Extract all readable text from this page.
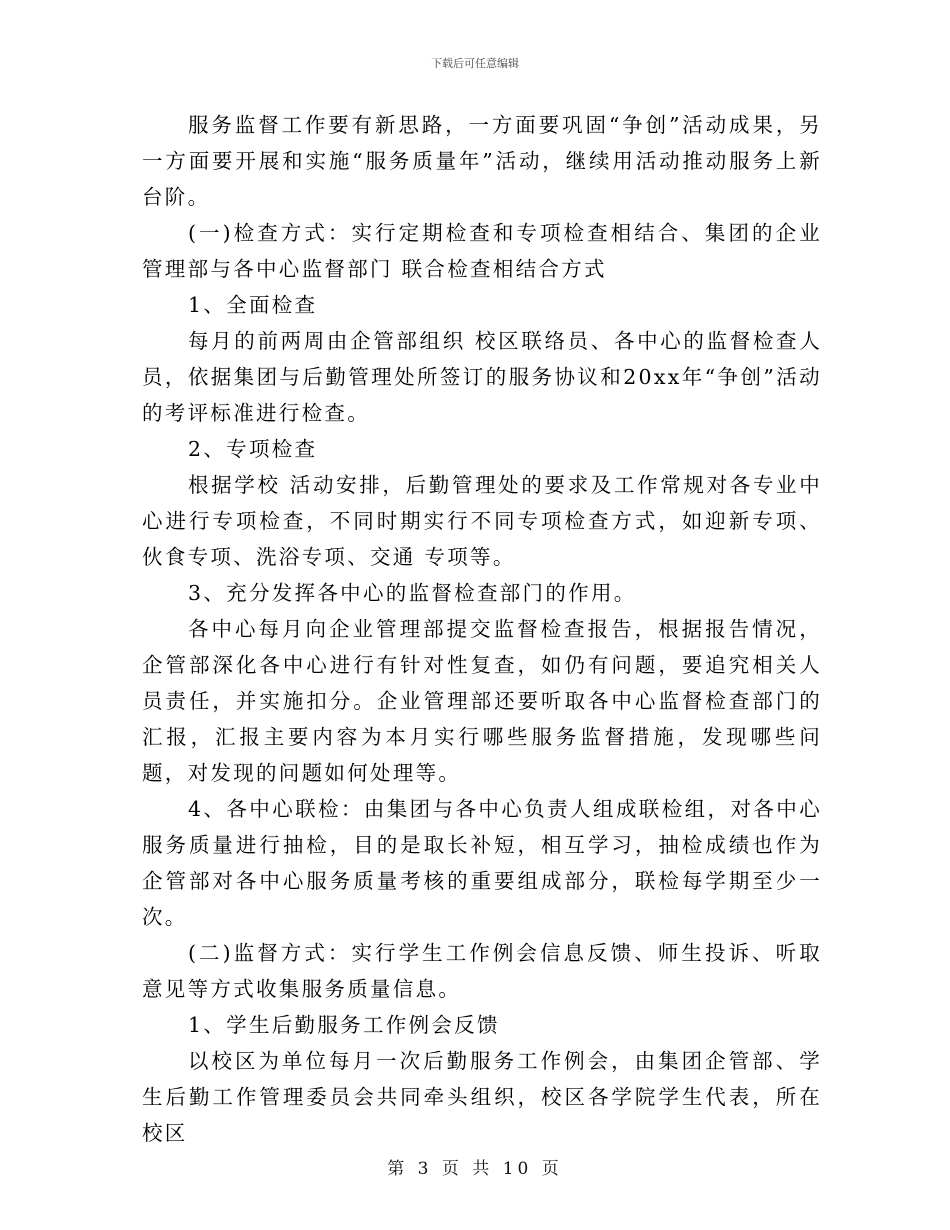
下载后可任意编辑

服务监督工作要有新思路，一方面要巩固“争创”活动成果，另一方面要开展和实施“服务质量年”活动，继续用活动推动服务上新台阶。

(一)检查方式：实行定期检查和专项检查相结合、集团的企业管理部与各中心监督部门 联合检查相结合方式

1、全面检查

每月的前两周由企管部组织 校区联络员、各中心的监督检查人员，依据集团与后勤管理处所签订的服务协议和20xx年“争创”活动的考评标准进行检查。

2、专项检查

根据学校 活动安排，后勤管理处的要求及工作常规对各专业中心进行专项检查，不同时期实行不同专项检查方式，如迎新专项、伙食专项、洗浴专项、交通 专项等。

3、充分发挥各中心的监督检查部门的作用。

各中心每月向企业管理部提交监督检查报告，根据报告情况，企管部深化各中心进行有针对性复查，如仍有问题，要追究相关人员责任，并实施扣分。企业管理部还要听取各中心监督检查部门的汇报，汇报主要内容为本月实行哪些服务监督措施，发现哪些问题，对发现的问题如何处理等。

4、各中心联检：由集团与各中心负责人组成联检组，对各中心服务质量进行抽检，目的是取长补短，相互学习，抽检成绩也作为企管部对各中心服务质量考核的重要组成部分，联检每学期至少一次。

(二)监督方式：实行学生工作例会信息反馈、师生投诉、听取意见等方式收集服务质量信息。

1、学生后勤服务工作例会反馈

以校区为单位每月一次后勤服务工作例会，由集团企管部、学生后勤工作管理委员会共同牵头组织，校区各学院学生代表，所在校区

第 3 页 共 10 页
